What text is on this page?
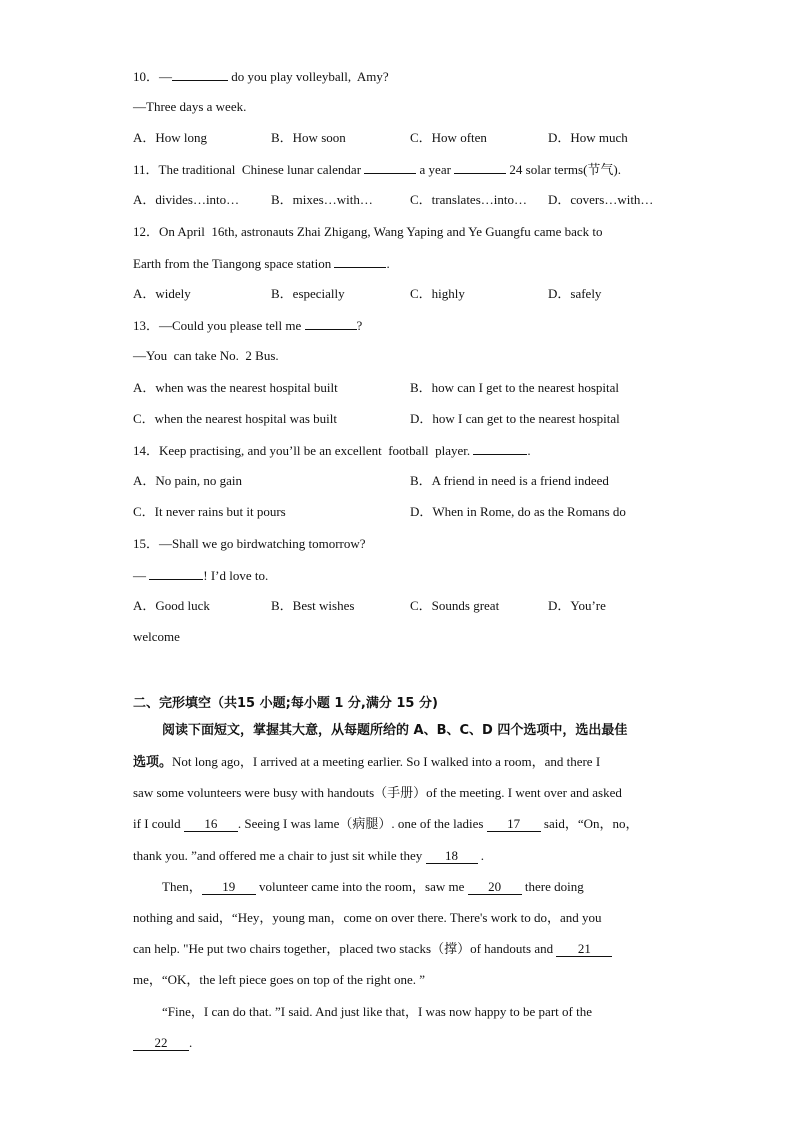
10．—	do you play volleyball,  Amy?
—Three days a week.
A．How long	B．How soon	C．How often	D．How much
11．The traditional  Chinese lunar calendar	a year	24 solar terms(节气).
A．divides…into… B．mixes…with…	C．translates…into… D．covers…with…
12．On April  16th, astronauts Zhai Zhigang, Wang Yaping and Ye Guangfu came back to
Earth from the Tiangong space station	.
A．widely	B．especially	C．highly	D．safely
13．—Could you please tell me	?
—You  can take No.  2 Bus.
A．when was the nearest hospital built	B．how can I get to the nearest hospital
C．when the nearest hospital was built	D．how I can get to the nearest hospital
14．Keep practising, and you’ll be an excellent  football  player.	.
A．No pain, no gain	B．A friend in need is a friend indeed
C．It never rains but it pours	D．When in Rome, do as the Romans do
15．—Shall we go birdwatching tomorrow?
—	! I’d love to.
A．Good luck	B．Best wishes	C．Sounds great	D．You’re
welcome
二、完形填空（共15 小题;每小题 1 分,满分 15 分)
阅读下面短文，掌握其大意，从每题所给的 A、B、C、D 四个选项中，选出最佳
选项。Not long ago，I arrived at a meeting earlier. So I walked into a room，and there I
saw some volunteers were busy with handouts（手册）of the meeting. I went over and asked
if I could 16 . Seeing I was lame（病腿）. one of the ladies 17 said，“On，no，
thank you. ”and offered me a chair to just sit while they 18 .
Then， 19 volunteer came into the room，saw me 20 there doing
nothing and said，“Hey，young man，come on over there. There's work to do，and you
can help. "He put two chairs together，placed two stacks（撑）of handouts and 21
me，“OK，the left piece goes on top of the right one. ”
“Fine，I can do that. ”I said. And just like that，I was now happy to be part of the
22 .
